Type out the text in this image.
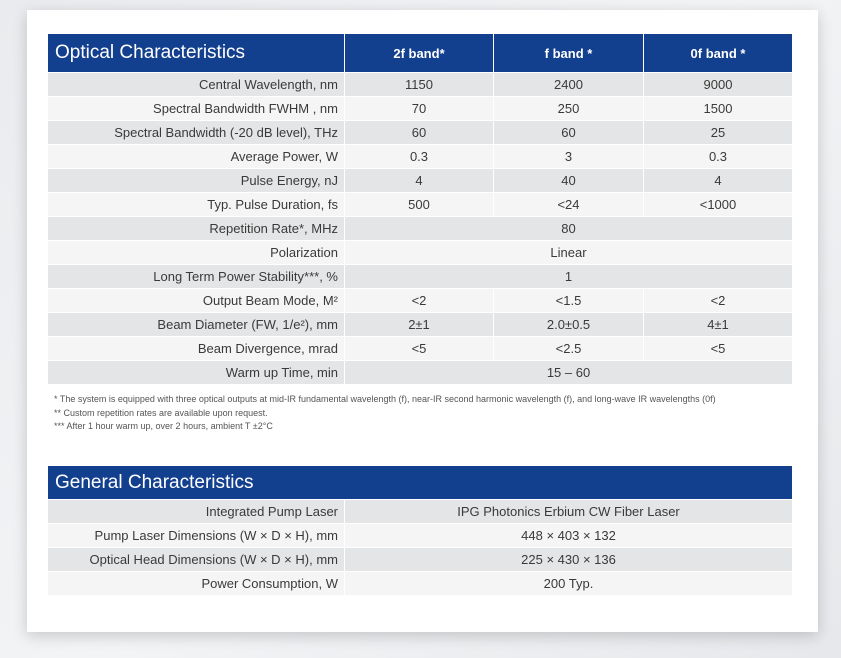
Optical Characteristics	2f band*	f band *	0f band *
Central Wavelength, nm	1150	2400	9000
Spectral Bandwidth FWHM , nm	70	250	1500
Spectral Bandwidth (-20 dB level), THz	60	60	25
Average Power, W	0.3	3	0.3
Pulse Energy, nJ	4	40	4
Typ. Pulse Duration, fs	500	<24	<1000
Repetition Rate*, MHz	80		
Polarization	Linear		
Long Term Power Stability***, %	1		
Output Beam Mode, M²	<2	<1.5	<2
Beam Diameter (FW, 1/e²), mm	2±1	2.0±0.5	4±1
Beam Divergence, mrad	<5	<2.5	<5
Warm up Time, min	15 – 60		
* The system is equipped with three optical outputs at mid-IR fundamental wavelength (f), near-IR second harmonic wavelength (f), and long-wave IR wavelengths (0f)
** Custom repetition rates are available upon request.
*** After 1 hour warm up, over 2 hours, ambient T ±2°C
General Characteristics	
Integrated Pump Laser	IPG Photonics Erbium CW Fiber Laser
Pump Laser Dimensions (W × D × H), mm	448 × 403 × 132
Optical Head Dimensions (W × D × H), mm	225 × 430 × 136
Power Consumption, W	200 Typ.
